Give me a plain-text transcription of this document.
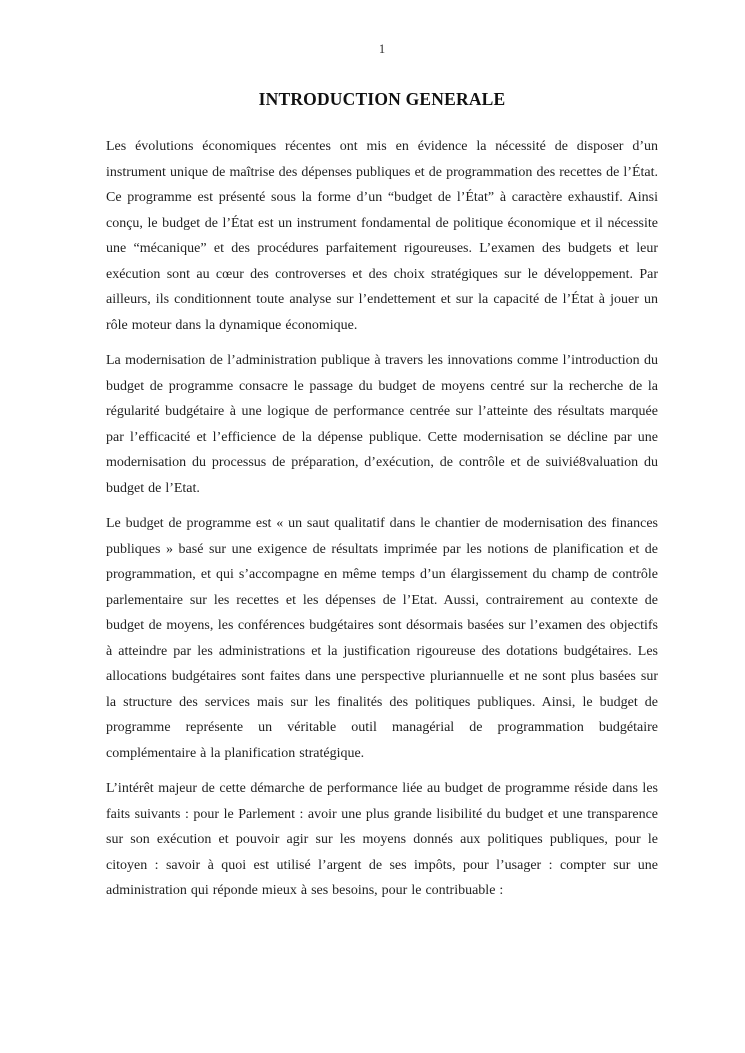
1
INTRODUCTION GENERALE

Les évolutions économiques récentes ont mis en évidence la nécessité de disposer d’un instrument unique de maîtrise des dépenses publiques et de programmation des recettes de l’État. Ce programme est présenté sous la forme d’un “budget de l’État” à caractère exhaustif. Ainsi conçu, le budget de l’État est un instrument fondamental de politique économique et il nécessite une “mécanique” et des procédures parfaitement rigoureuses. L’examen des budgets et leur exécution sont au cœur des controverses et des choix stratégiques sur le développement. Par ailleurs, ils conditionnent toute analyse sur l’endettement et sur la capacité de l’État à jouer un rôle moteur dans la dynamique économique.

La modernisation de l’administration publique à travers les innovations comme l’introduction du budget de programme consacre le passage du budget de moyens centré sur la recherche de la régularité budgétaire à une logique de performance centrée sur l’atteinte des résultats marquée par l’efficacité et l’efficience de la dépense publique. Cette modernisation se décline par une modernisation du processus de préparation, d’exécution, de contrôle et de suivié8valuation du budget de l’Etat.

Le budget de programme est « un saut qualitatif dans le chantier de modernisation des finances publiques » basé sur une exigence de résultats imprimée par les notions de planification et de programmation, et qui s’accompagne en même temps d’un élargissement du champ de contrôle parlementaire sur les recettes et les dépenses de l’Etat. Aussi, contrairement au contexte de budget de moyens, les conférences budgétaires sont désormais basées sur l’examen des objectifs à atteindre par les administrations et la justification rigoureuse des dotations budgétaires. Les allocations budgétaires sont faites dans une perspective pluriannuelle et ne sont plus basées sur la structure des services mais sur les finalités des politiques publiques. Ainsi, le budget de programme représente un véritable outil managérial de programmation budgétaire complémentaire à la planification stratégique.

L’intérêt majeur de cette démarche de performance liée au budget de programme réside dans les faits suivants : pour le Parlement : avoir une plus grande lisibilité du budget et une transparence sur son exécution et pouvoir agir sur les moyens donnés aux politiques publiques, pour le citoyen : savoir à quoi est utilisé l’argent de ses impôts, pour l’usager : compter sur une administration qui réponde mieux à ses besoins, pour le contribuable :
